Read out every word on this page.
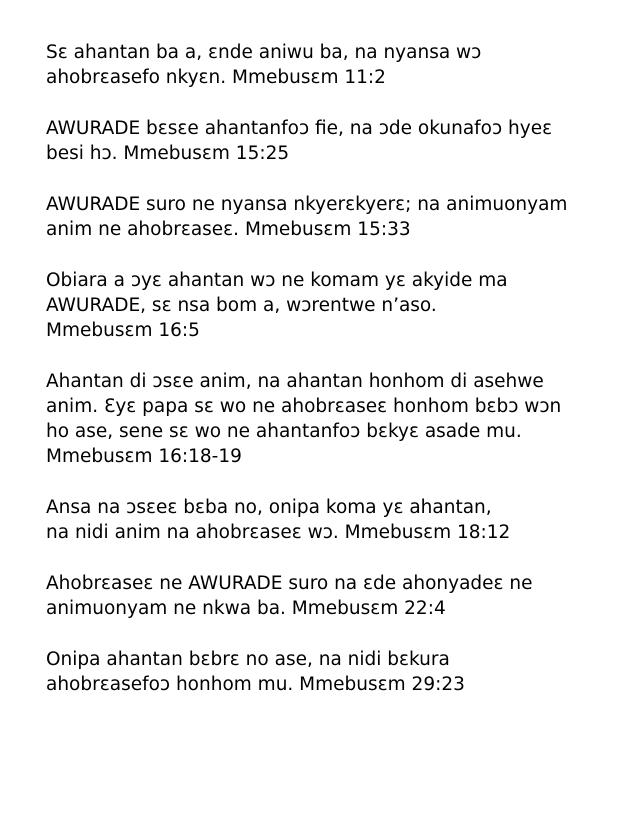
Sɛ ahantan ba a, ɛnde aniwu ba, na nyansa wɔ
ahobrɛasefo nkyɛn. Mmebusɛm 11:2

AWURADE bɛsɛe ahantanfoɔ fie, na ɔde okunafoɔ hyeɛ
besi hɔ. Mmebusɛm 15:25

AWURADE suro ne nyansa nkyerɛkyerɛ; na animuonyam
anim ne ahobrɛaseɛ. Mmebusɛm 15:33

Obiara a ɔyɛ ahantan wɔ ne komam yɛ akyide ma
AWURADE, sɛ nsa bom a, wɔrentwe n’aso.
Mmebusɛm 16:5

Ahantan di ɔsɛe anim, na ahantan honhom di asehwe
anim. Ɛyɛ papa sɛ wo ne ahobrɛaseɛ honhom bɛbɔ wɔn
ho ase, sene sɛ wo ne ahantanfoɔ bɛkyɛ asade mu.
Mmebusɛm 16:18-19

Ansa na ɔsɛeɛ bɛba no, onipa koma yɛ ahantan,
na nidi anim na ahobrɛaseɛ wɔ. Mmebusɛm 18:12

Ahobrɛaseɛ ne AWURADE suro na ɛde ahonyadeɛ ne
animuonyam ne nkwa ba. Mmebusɛm 22:4

Onipa ahantan bɛbrɛ no ase, na nidi bɛkura
ahobrɛasefoɔ honhom mu. Mmebusɛm 29:23
